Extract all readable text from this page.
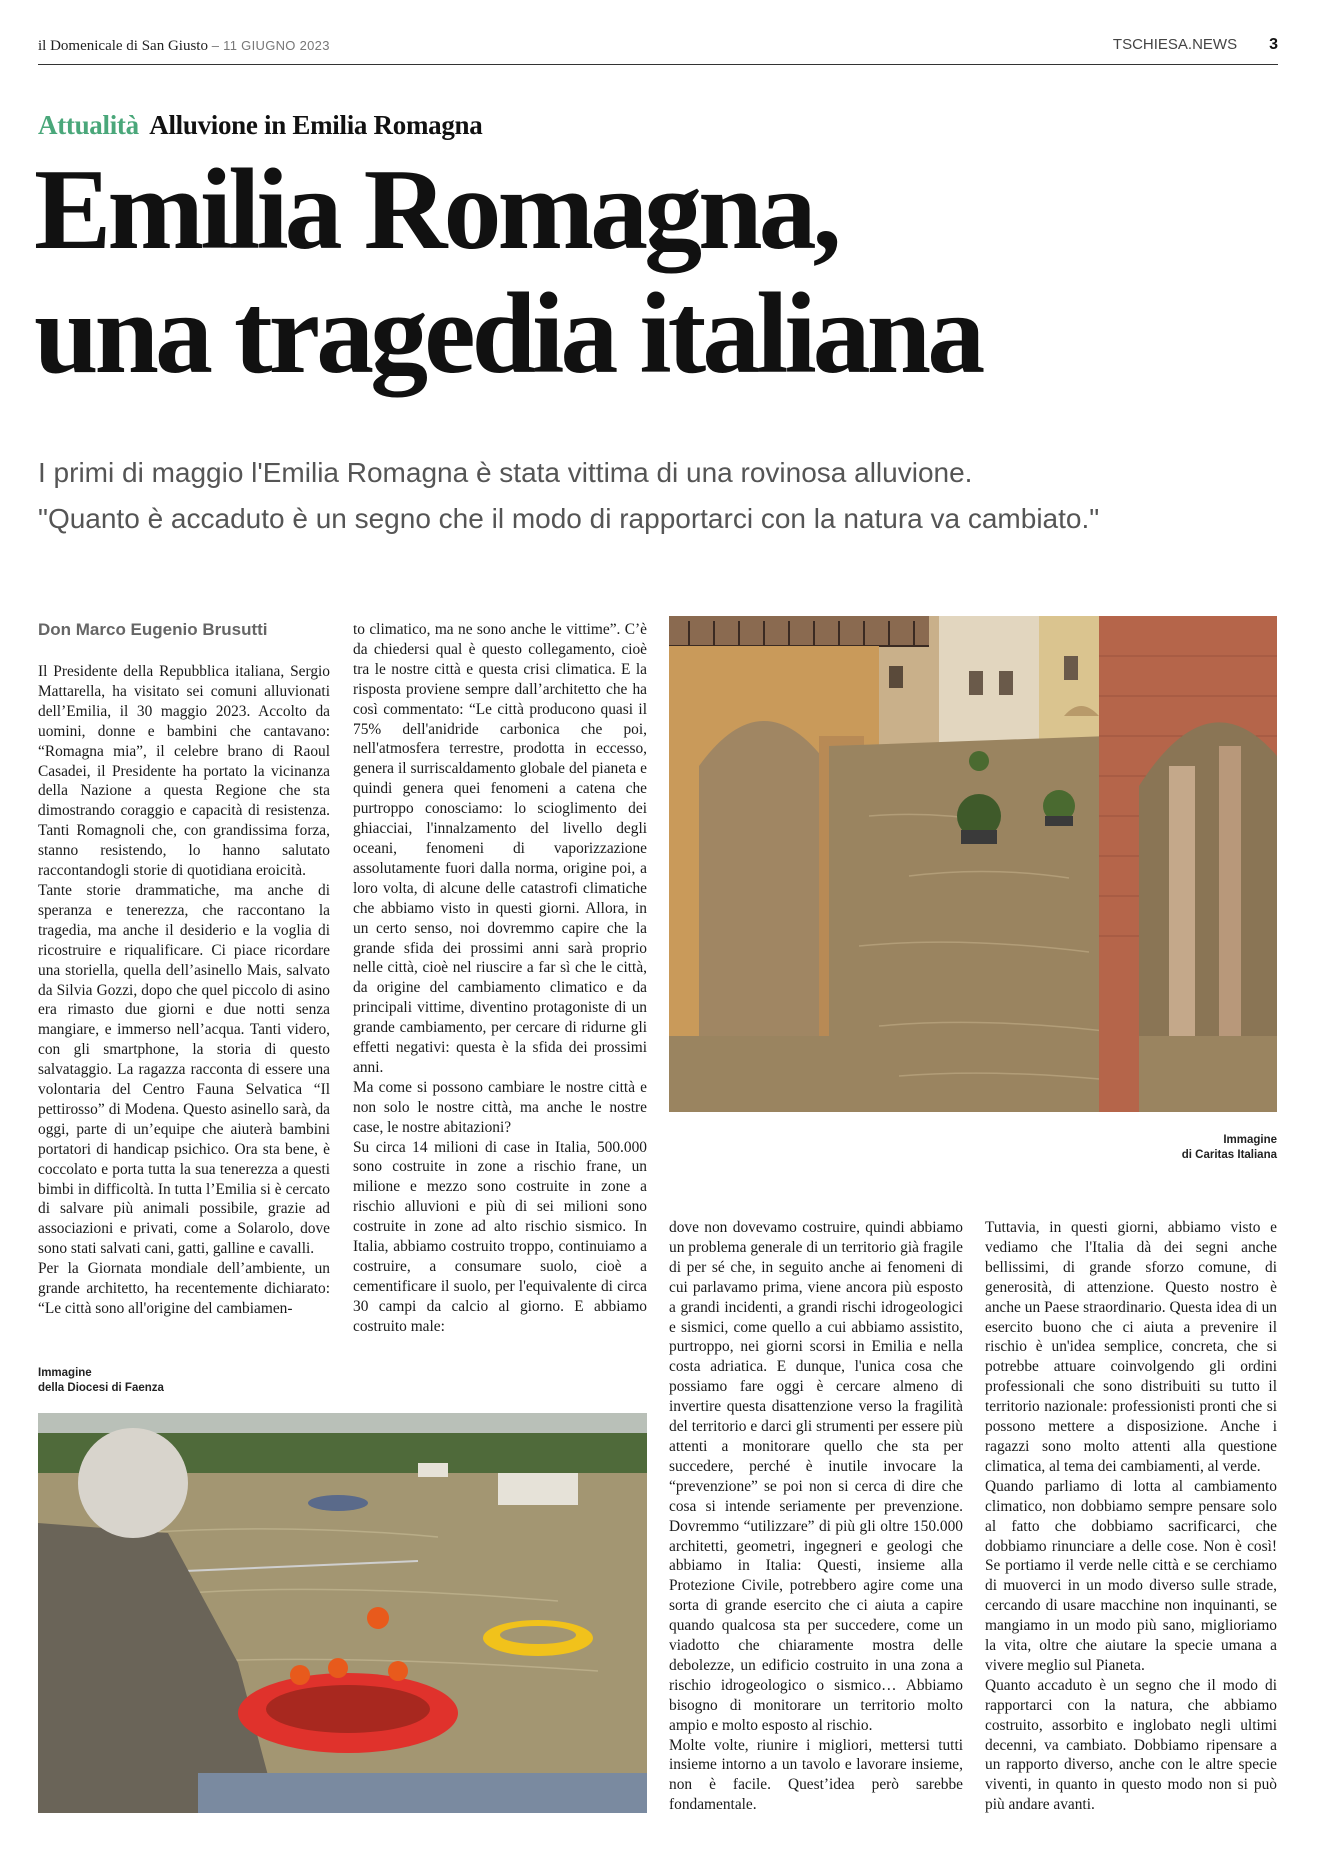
il Domenicale di San Giusto – 11 GIUGNO 2023	TSCHIESA.NEWS 3
Attualità Alluvione in Emilia Romagna
Emilia Romagna,
una tragedia italiana
I primi di maggio l'Emilia Romagna è stata vittima di una rovinosa alluvione.
"Quanto è accaduto è un segno che il modo di rapportarci con la natura va cambiato."
Don Marco Eugenio Brusutti

Il Presidente della Repubblica italiana, Sergio Mattarella, ha visitato sei comuni alluvionati dell’Emilia, il 30 maggio 2023. Accolto da uomini, donne e bambini che cantavano: “Romagna mia”, il celebre brano di Raoul Casadei, il Presidente ha portato la vicinanza della Nazione a questa Regione che sta dimostrando coraggio e capacità di resistenza. Tanti Romagnoli che, con grandissima forza, stanno resistendo, lo hanno salutato raccontandogli storie di quotidiana eroicità.

Tante storie drammatiche, ma anche di speranza e tenerezza, che raccontano la tragedia, ma anche il desiderio e la voglia di ricostruire e riqualificare. Ci piace ricordare una storiella, quella dell’asinello Mais, salvato da Silvia Gozzi, dopo che quel piccolo di asino era rimasto due giorni e due notti senza mangiare, e immerso nell’acqua. Tanti videro, con gli smartphone, la storia di questo salvataggio. La ragazza racconta di essere una volontaria del Centro Fauna Selvatica “Il pettirosso” di Modena. Questo asinello sarà, da oggi, parte di un’equipe che aiuterà bambini portatori di handicap psichico. Ora sta bene, è coccolato e porta tutta la sua tenerezza a questi bimbi in difficoltà. In tutta l’Emilia si è cercato di salvare più animali possibile, grazie ad associazioni e privati, come a Solarolo, dove sono stati salvati cani, gatti, galline e cavalli.

Per la Giornata mondiale dell’ambiente, un grande architetto, ha recentemente dichiarato: “Le città sono all'origine del cambiamen-

to climatico, ma ne sono anche le vittime”. C’è da chiedersi qual è questo collegamento, cioè tra le nostre città e questa crisi climatica. E la risposta proviene sempre dall’architetto che ha così commentato: “Le città producono quasi il 75% dell'anidride carbonica che poi, nell'atmosfera terrestre, prodotta in eccesso, genera il surriscaldamento globale del pianeta e quindi genera quei fenomeni a catena che purtroppo conosciamo: lo scioglimento dei ghiacciai, l'innalzamento del livello degli oceani, fenomeni di vaporizzazione assolutamente fuori dalla norma, origine poi, a loro volta, di alcune delle catastrofi climatiche che abbiamo visto in questi giorni. Allora, in un certo senso, noi dovremmo capire che la grande sfida dei prossimi anni sarà proprio nelle città, cioè nel riuscire a far sì che le città, da origine del cambiamento climatico e da principali vittime, diventino protagoniste di un grande cambiamento, per cercare di ridurne gli effetti negativi: questa è la sfida dei prossimi anni.

Ma come si possono cambiare le nostre città e non solo le nostre città, ma anche le nostre case, le nostre abitazioni?

Su circa 14 milioni di case in Italia, 500.000 sono costruite in zone a rischio frane, un milione e mezzo sono costruite in zone a rischio alluvioni e più di sei milioni sono costruite in zone ad alto rischio sismico. In Italia, abbiamo costruito troppo, continuiamo a costruire, a consumare suolo, cioè a cementificare il suolo, per l'equivalente di circa 30 campi da calcio al giorno. E abbiamo costruito male:

Immagine
di Caritas Italiana
Immagine
della Diocesi di Faenza

dove non dovevamo costruire, quindi abbiamo un problema generale di un territorio già fragile di per sé che, in seguito anche ai fenomeni di cui parlavamo prima, viene ancora più esposto a grandi incidenti, a grandi rischi idrogeologici e sismici, come quello a cui abbiamo assistito, purtroppo, nei giorni scorsi in Emilia e nella costa adriatica. E dunque, l'unica cosa che possiamo fare oggi è cercare almeno di invertire questa disattenzione verso la fragilità del territorio e darci gli strumenti per essere più attenti a monitorare quello che sta per succedere, perché è inutile invocare la “prevenzione” se poi non si cerca di dire che cosa si intende seriamente per prevenzione. Dovremmo “utilizzare” di più gli oltre 150.000 architetti, geometri, ingegneri e geologi che abbiamo in Italia: Questi, insieme alla Protezione Civile, potrebbero agire come una sorta di grande esercito che ci aiuta a capire quando qualcosa sta per succedere, come un viadotto che chiaramente mostra delle debolezze, un edificio costruito in una zona a rischio idrogeologico o sismico… Abbiamo bisogno di monitorare un territorio molto ampio e molto esposto al rischio.

Molte volte, riunire i migliori, mettersi tutti insieme intorno a un tavolo e lavorare insieme, non è facile. Quest’idea però sarebbe fondamentale.

Tuttavia, in questi giorni, abbiamo visto e vediamo che l'Italia dà dei segni anche bellissimi, di grande sforzo comune, di generosità, di attenzione. Questo nostro è anche un Paese straordinario. Questa idea di un esercito buono che ci aiuta a prevenire il rischio è un'idea semplice, concreta, che si potrebbe attuare coinvolgendo gli ordini professionali che sono distribuiti su tutto il territorio nazionale: professionisti pronti che si possono mettere a disposizione. Anche i ragazzi sono molto attenti alla questione climatica, al tema dei cambiamenti, al verde.

Quando parliamo di lotta al cambiamento climatico, non dobbiamo sempre pensare solo al fatto che dobbiamo sacrificarci, che dobbiamo rinunciare a delle cose. Non è così! Se portiamo il verde nelle città e se cerchiamo di muoverci in un modo diverso sulle strade, cercando di usare macchine non inquinanti, se mangiamo in un modo più sano, miglioriamo la vita, oltre che aiutare la specie umana a vivere meglio sul Pianeta.

Quanto accaduto è un segno che il modo di rapportarci con la natura, che abbiamo costruito, assorbito e inglobato negli ultimi decenni, va cambiato. Dobbiamo ripensare a un rapporto diverso, anche con le altre specie viventi, in quanto in questo modo non si può più andare avanti.
